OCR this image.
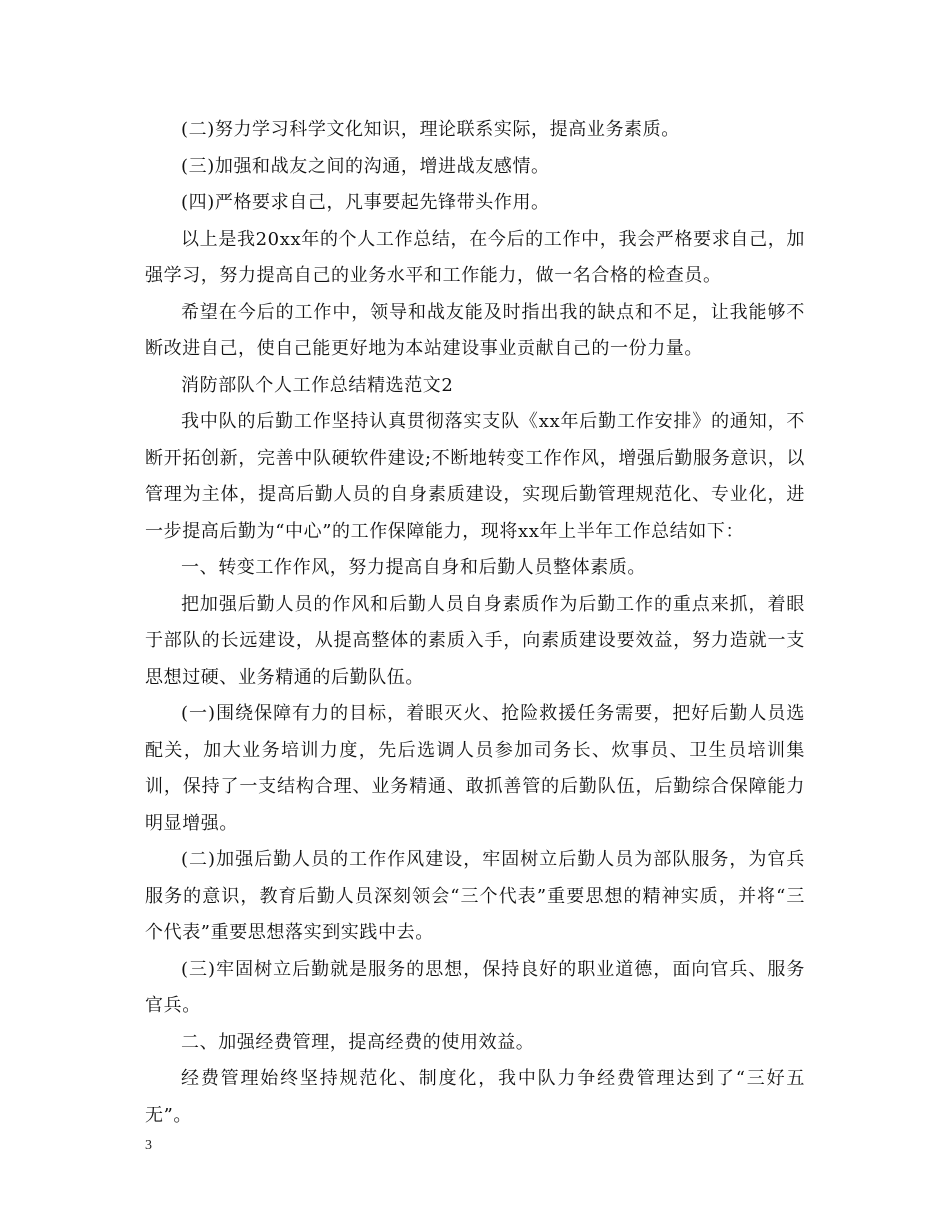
(二)努力学习科学文化知识，理论联系实际，提高业务素质。

(三)加强和战友之间的沟通，增进战友感情。

(四)严格要求自己，凡事要起先锋带头作用。

以上是我20xx年的个人工作总结，在今后的工作中，我会严格要求自己，加强学习，努力提高自己的业务水平和工作能力，做一名合格的检查员。

希望在今后的工作中，领导和战友能及时指出我的缺点和不足，让我能够不断改进自己，使自己能更好地为本站建设事业贡献自己的一份力量。

消防部队个人工作总结精选范文2

我中队的后勤工作坚持认真贯彻落实支队《xx年后勤工作安排》的通知，不断开拓创新，完善中队硬软件建设;不断地转变工作作风，增强后勤服务意识，以管理为主体，提高后勤人员的自身素质建设，实现后勤管理规范化、专业化，进一步提高后勤为“中心”的工作保障能力，现将xx年上半年工作总结如下：

一、转变工作作风，努力提高自身和后勤人员整体素质。

把加强后勤人员的作风和后勤人员自身素质作为后勤工作的重点来抓，着眼于部队的长远建设，从提高整体的素质入手，向素质建设要效益，努力造就一支思想过硬、业务精通的后勤队伍。

(一)围绕保障有力的目标，着眼灭火、抢险救援任务需要，把好后勤人员选配关，加大业务培训力度，先后选调人员参加司务长、炊事员、卫生员培训集训，保持了一支结构合理、业务精通、敢抓善管的后勤队伍，后勤综合保障能力明显增强。

(二)加强后勤人员的工作作风建设，牢固树立后勤人员为部队服务，为官兵服务的意识，教育后勤人员深刻领会“三个代表”重要思想的精神实质，并将“三个代表”重要思想落实到实践中去。

(三)牢固树立后勤就是服务的思想，保持良好的职业道德，面向官兵、服务官兵。

二、加强经费管理，提高经费的使用效益。

经费管理始终坚持规范化、制度化，我中队力争经费管理达到了“三好五无”。

3
